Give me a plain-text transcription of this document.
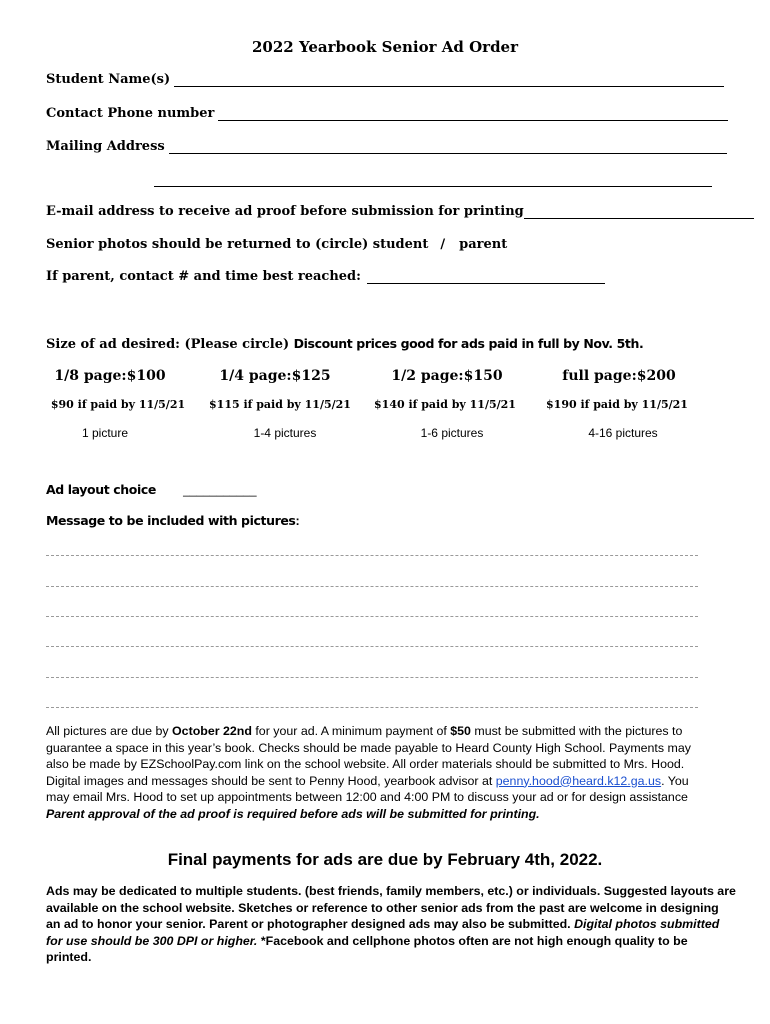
2022 Yearbook Senior Ad Order
Student Name(s)
Contact Phone number
Mailing Address
E-mail address to receive ad proof before submission for printing
Senior photos should be returned to (circle) student / parent
If parent, contact # and time best reached:
Size of ad desired: (Please circle) Discount prices good for ads paid in full by Nov. 5th.
1/8 page:$100	1/4 page:$125	1/2 page:$150	full page:$200
$90 if paid by 11/5/21	$115 if paid by 11/5/21	$140 if paid by 11/5/21	$190 if paid by 11/5/21
1 picture	1-4 pictures	1-6 pictures	4-16 pictures
Ad layout choice ___________
Message to be included with pictures:
All pictures are due by October 22nd for your ad. A minimum payment of $50 must be submitted with the pictures to guarantee a space in this year’s book. Checks should be made payable to Heard County High School. Payments may also be made by EZSchoolPay.com link on the school website. All order materials should be submitted to Mrs. Hood. Digital images and messages should be sent to Penny Hood, yearbook advisor at penny.hood@heard.k12.ga.us. You may email Mrs. Hood to set up appointments between 12:00 and 4:00 PM to discuss your ad or for design assistance Parent approval of the ad proof is required before ads will be submitted for printing.
Final payments for ads are due by February 4th, 2022.
Ads may be dedicated to multiple students. (best friends, family members, etc.) or individuals. Suggested layouts are available on the school website. Sketches or reference to other senior ads from the past are welcome in designing an ad to honor your senior. Parent or photographer designed ads may also be submitted. Digital photos submitted for use should be 300 DPI or higher. *Facebook and cellphone photos often are not high enough quality to be printed.
